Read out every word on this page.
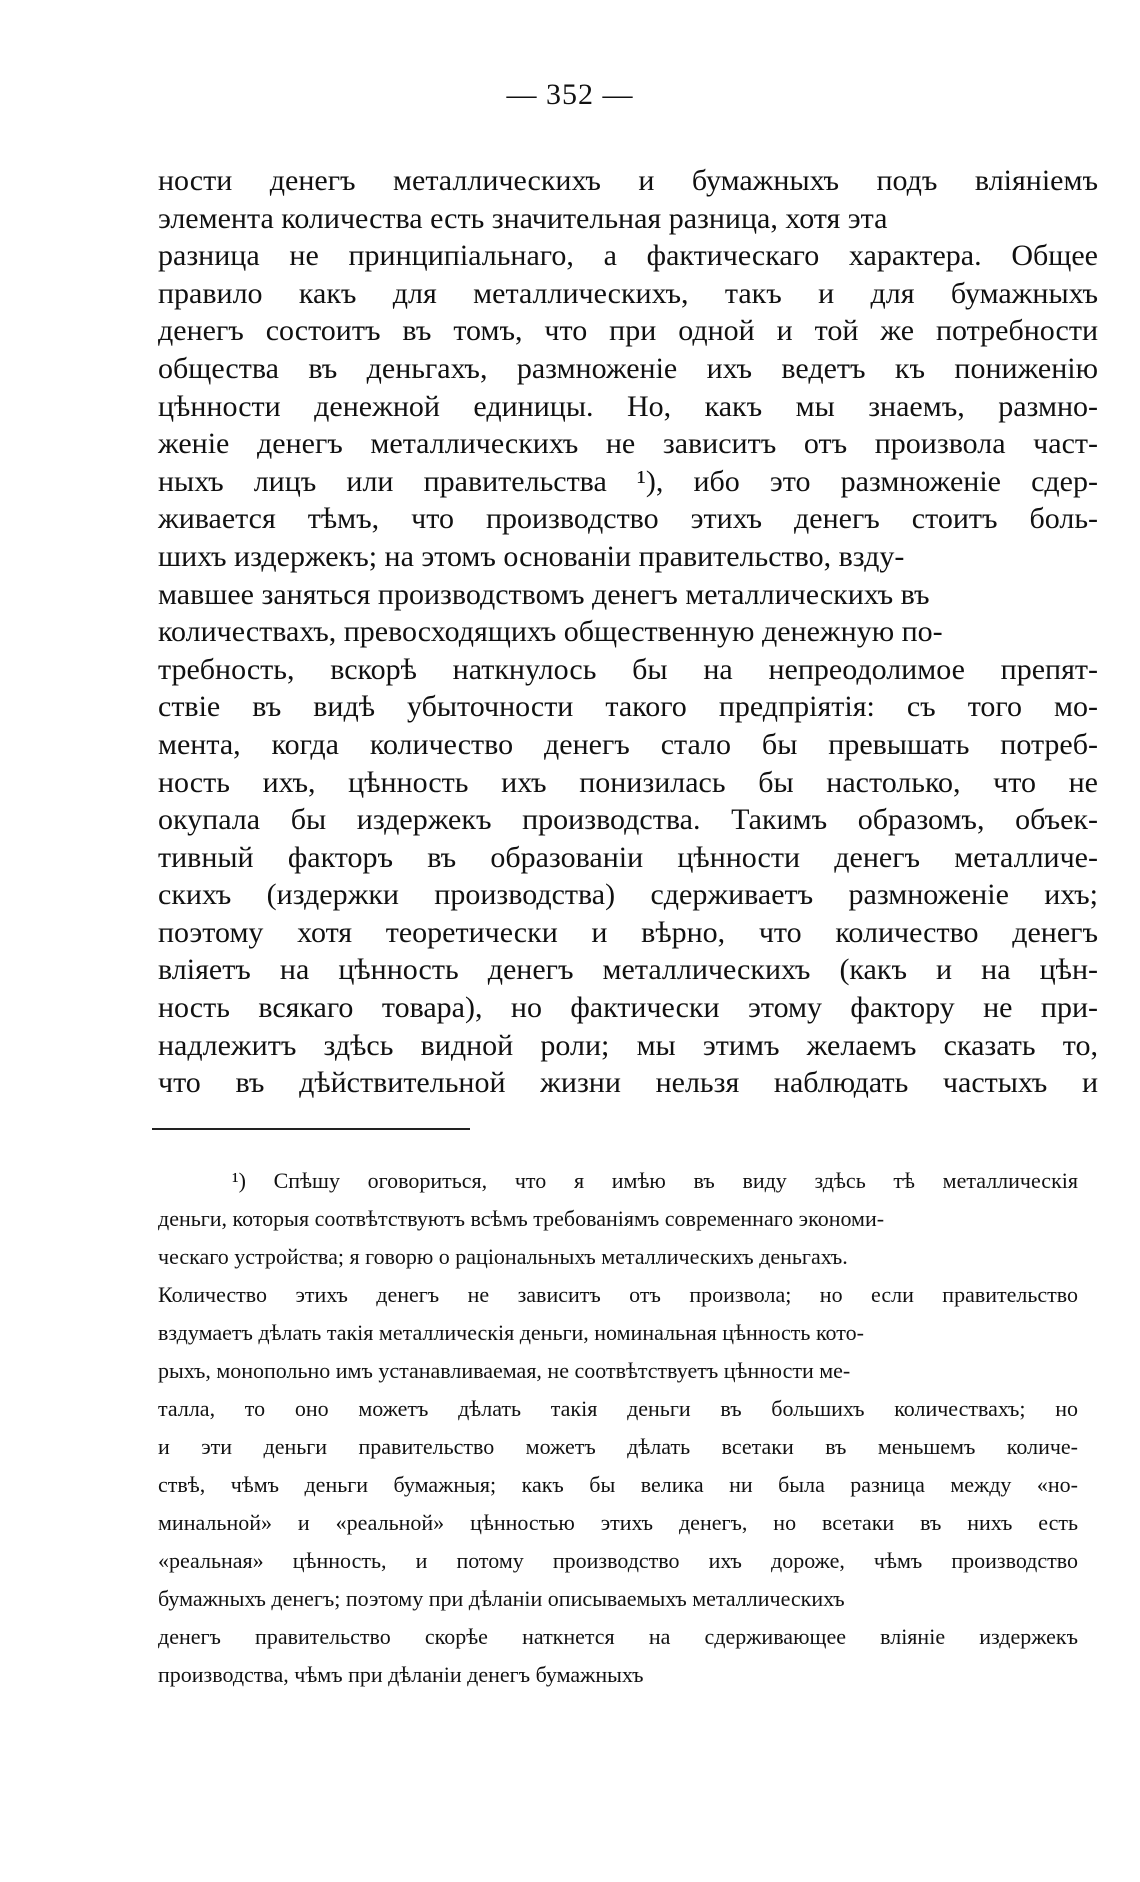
— 352 —
ности денегъ металлическихъ и бумажныхъ подъ влiянiемъ
элемента количества есть значительная разница, хотя эта
разница не принципiальнаго, а фактическаго характера. Общее
правило какъ для металлическихъ, такъ и для бумажныхъ
денегъ состоитъ въ томъ, что при одной и той же потребности
общества въ деньгахъ, размноженiе ихъ ведетъ къ пониженiю
цѣнности денежной единицы. Но, какъ мы знаемъ, размно-
женiе денегъ металлическихъ не зависитъ отъ произвола част-
ныхъ лицъ или правительства ¹), ибо это размноженiе сдер-
живается тѣмъ, что производство этихъ денегъ стоитъ боль-
шихъ издержекъ; на этомъ основанiи правительство, взду-
мавшее заняться производствомъ денегъ металлическихъ въ
количествахъ, превосходящихъ общественную денежную по-
требность, вскорѣ наткнулось бы на непреодолимое препят-
ствiе въ видѣ убыточности такого предпрiятiя: съ того мо-
мента, когда количество денегъ стало бы превышать потреб-
ность ихъ, цѣнность ихъ понизилась бы настолько, что не
окупала бы издержекъ производства. Такимъ образомъ, объек-
тивный факторъ въ образованiи цѣнности денегъ металличе-
скихъ (издержки производства) сдерживаетъ размноженiе ихъ;
поэтому хотя теоретически и вѣрно, что количество денегъ
влiяетъ на цѣнность денегъ металлическихъ (какъ и на цѣн-
ность всякаго товара), но фактически этому фактору не при-
надлежитъ здѣсь видной роли; мы этимъ желаемъ сказать то,
что въ дѣйствительной жизни нельзя наблюдать частыхъ и
¹) Спѣшу оговориться, что я имѣю въ виду здѣсь тѣ металлическiя
деньги, которыя соотвѣтствуютъ всѣмъ требованiямъ современнаго экономи-
ческаго устройства; я говорю о рацiональныхъ металлическихъ деньгахъ.
Количество этихъ денегъ не зависитъ отъ произвола; но если правительство
вздумаетъ дѣлать такiя металлическiя деньги, номинальная цѣнность кото-
рыхъ, монопольно имъ устанавливаемая, не соотвѣтствуетъ цѣнности ме-
талла, то оно можетъ дѣлать такiя деньги въ большихъ количествахъ; но
и эти деньги правительство можетъ дѣлать всетаки въ меньшемъ количе-
ствѣ, чѣмъ деньги бумажныя; какъ бы велика ни была разница между «но-
минальной» и «реальной» цѣнностью этихъ денегъ, но всетаки въ нихъ есть
«реальная» цѣнность, и потому производство ихъ дороже, чѣмъ производство
бумажныхъ денегъ; поэтому при дѣланiи описываемыхъ металлическихъ
денегъ правительство скорѣе наткнется на сдерживающее влiянiе издержекъ
производства, чѣмъ при дѣланiи денегъ бумажныхъ
